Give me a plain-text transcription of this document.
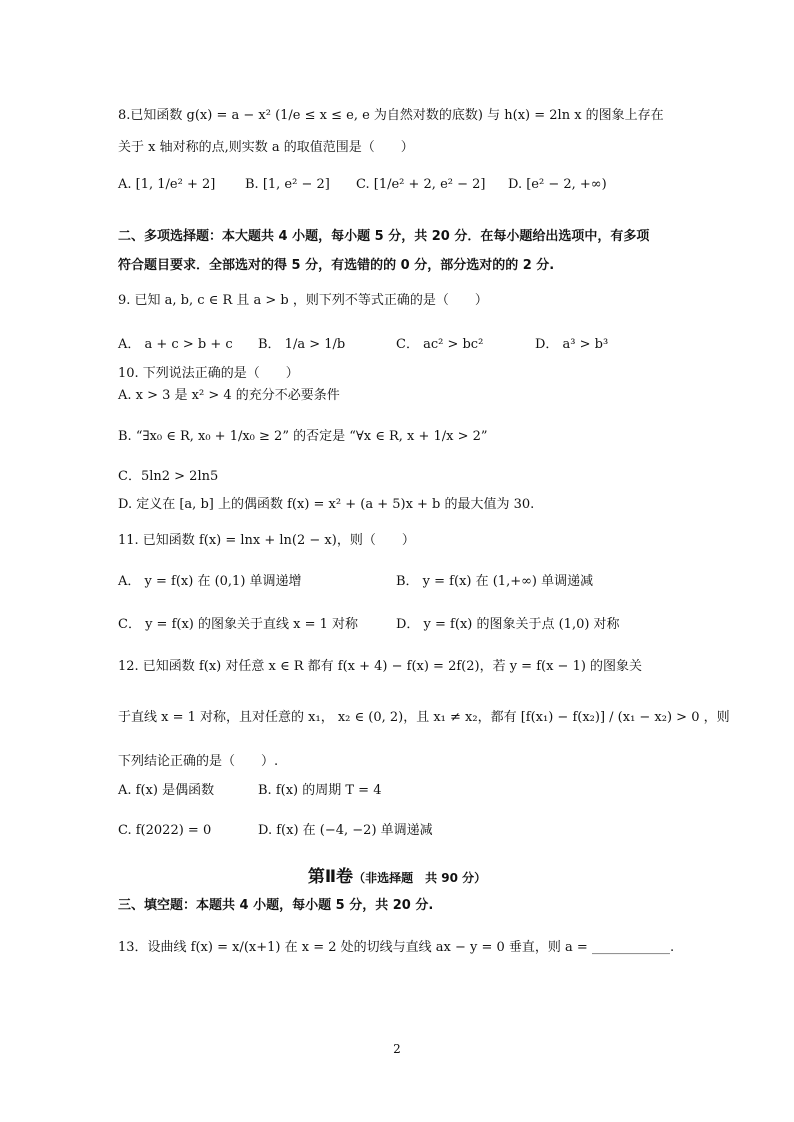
8.已知函数 g(x) = a − x² (1/e ≤ x ≤ e, e 为自然对数的底数) 与 h(x) = 2ln x 的图象上存在
关于 x 轴对称的点,则实数 a 的取值范围是（　　）
A. [1, 1/e² + 2] B. [1, e² − 2] C. [1/e² + 2, e² − 2] D. [e² − 2, +∞)
二、多项选择题：本大题共 4 小题，每小题 5 分，共 20 分．在每小题给出选项中，有多项
符合题目要求．全部选对的得 5 分，有选错的的 0 分，部分选对的的 2 分.
9. 已知 a, b, c ∈ R 且 a > b ，则下列不等式正确的是（　　）
A． a + c > b + c B． 1/a > 1/b	C． ac² > bc²	D． a³ > b³
10. 下列说法正确的是（　　）
A. x > 3 是 x² > 4 的充分不必要条件
B. “∃x₀ ∈ R, x₀ + 1/x₀ ≥ 2” 的否定是 “∀x ∈ R, x + 1/x > 2”
C．5ln2 > 2ln5
D. 定义在 [a, b] 上的偶函数 f(x) = x² + (a + 5)x + b 的最大值为 30.
11. 已知函数 f(x) = lnx + ln(2 − x)，则（　　）
A． y = f(x) 在 (0,1) 单调递增	B． y = f(x) 在 (1,+∞) 单调递减
C． y = f(x) 的图象关于直线 x = 1 对称	D． y = f(x) 的图象关于点 (1,0) 对称
12. 已知函数 f(x) 对任意 x ∈ R 都有 f(x + 4) − f(x) = 2f(2)，若 y = f(x − 1) 的图象关
于直线 x = 1 对称，且对任意的 x₁， x₂ ∈ (0, 2)，且 x₁ ≠ x₂，都有 [f(x₁) − f(x₂)] / (x₁ − x₂) > 0 ，则
下列结论正确的是（　　）.
A. f(x) 是偶函数	B. f(x) 的周期 T = 4
C. f(2022) = 0	D. f(x) 在 (−4, −2) 单调递减
第Ⅱ卷（非选择题　共 90 分）
三、填空题：本题共 4 小题，每小题 5 分，共 20 分.
13．设曲线 f(x) = x/(x+1) 在 x = 2 处的切线与直线 ax − y = 0 垂直，则 a = ____________.
2
